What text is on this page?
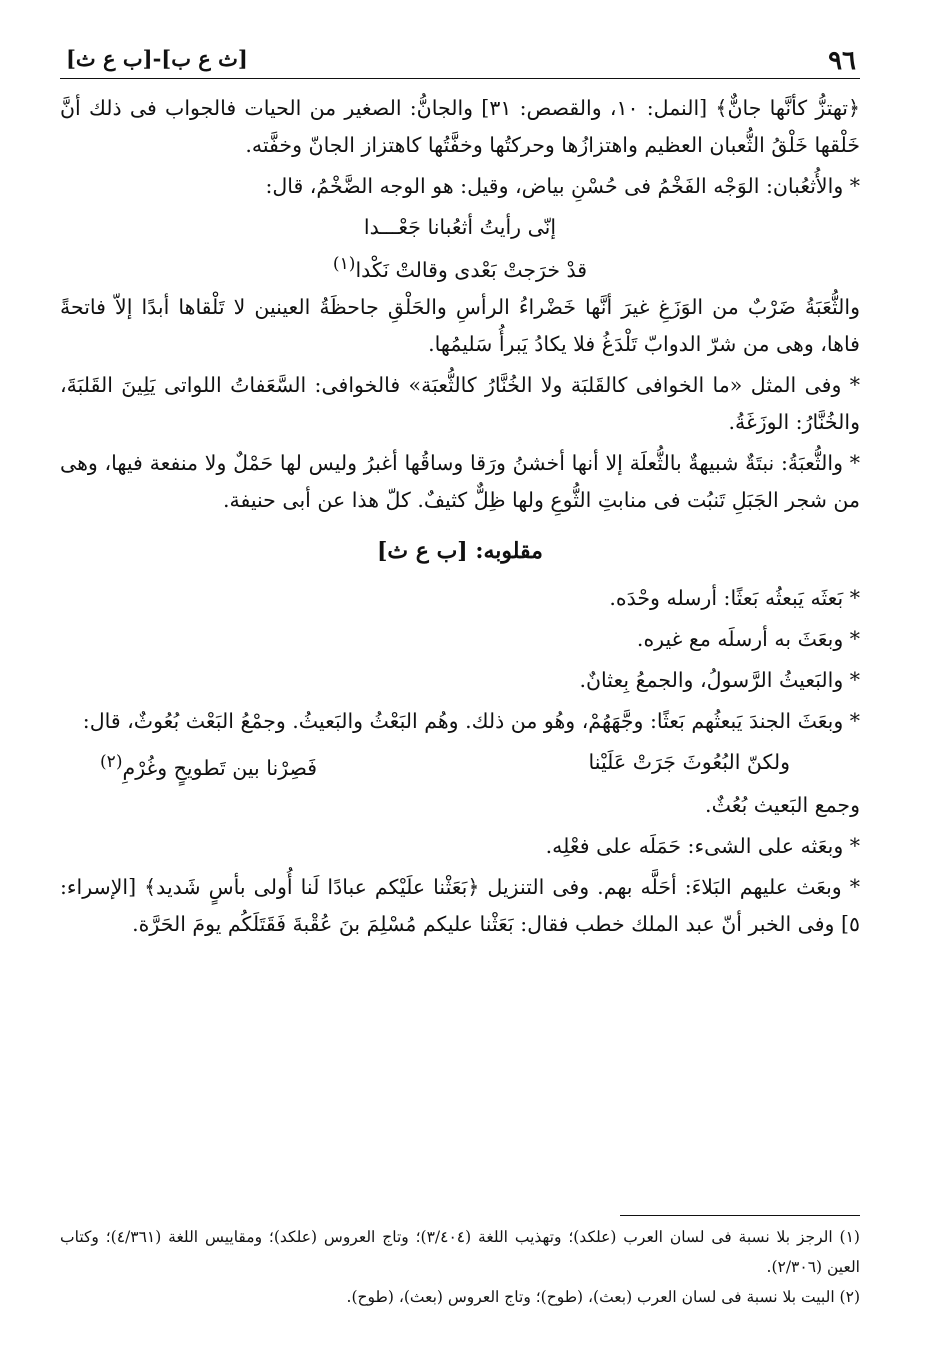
٩٦
[ث ع ب]-[ب ع ث]

﴿تهتزُّ كأنَّها جانٌّ﴾ [النمل: ١٠، والقصص: ٣١] والجانُّ: الصغير من الحيات فالجواب فى ذلك أنَّ خَلْقها خَلْقُ الثُّعبان العظيم واهتزازُها وحركتُها وخفَّتُها كاهتزاز الجانّ وخفَّته.

* والأُثعُبان: الوَجْه الفَخْمُ فى حُسْنِ بياض، وقيل: هو الوجه الضَّخْمُ، قال:

إنّى رأيتُ أثعُبانا جَعْـــدا

قدْ خرَجتْ بَعْدى وقالتْ نَكْدا$^{(١)}$

والثُّعَبَةُ ضَرْبٌ من الوَزَغِ غيرَ أنَّها خَضْراءُ الرأسِ والحَلْقِ جاحظَةُ العينين لا تَلْقاها أبدًا إلاّ فاتحةً فاها، وهى من شرّ الدوابّ تَلْدَغُ فلا يكادُ يَبرأُ سَليمُها.

* وفى المثل «ما الخوافى كالقَلبَة ولا الخُنَّارُ كالثُّعبَة» فالخوافى: السَّعَفاتُ اللواتى يَلِينَ القَلبَةَ، والخُنَّارُ: الوزَغَةُ.

* والثُّعبَةُ: نبتَةٌ شبيهةٌ بالثُّعلَة إلا أنها أخشنُ ورَقا وساقُها أغبرُ وليس لها حَمْلٌ ولا منفعة فيها، وهى من شجر الجَبَلِ تَنبُت فى منابتِ الثُّوعِ ولها ظِلٌّ كثيفٌ. كلّ هذا عن أبى حنيفة.

مقلوبه: [ب ع ث]

* بَعثَه يَبعثُه بَعثًا: أرسله وحْدَه.

* وبعَثَ به أرسلَه مع غيره.

* والبَعيثُ الرَّسولُ، والجمعُ بِعثانٌ.

* وبعَثَ الجندَ يَبعثُهم بَعثًا: وجَّهَهُمْ، وهُو من ذلك. وهُم البَعْثُ والبَعيثُ. وجمْعُ البَعْث بُعُوثٌ، قال:

ولكنّ البُعُوثَ جَرَتْ عَلَيْنا
فَصِرْنا بين تَطويحٍ وغُرْمِ$^{(٢)}$

وجمع البَعيث بُعُثٌ.

* وبعَثه على الشىء: حَمَلَه على فعْلِه.

* وبعَث عليهم البَلاءَ: أحَلَّه بهم. وفى التنزيل ﴿بَعَثْنا علَيْكم عبادًا لَنا أُولى بأسٍ شَديد﴾ [الإسراء: ٥] وفى الخبر أنّ عبد الملك خطب فقال: بَعَثْنا عليكم مُسْلِمَ بنَ عُقْبةَ فَقَتَلَكُم يومَ الحَرَّة.

(١) الرجز بلا نسبة فى لسان العرب (علكد)؛ وتهذيب اللغة (٣/٤٠٤)؛ وتاج العروس (علكد)؛ ومقاييس اللغة (٤/٣٦١)؛ وكتاب العين (٢/٣٠٦).

(٢) البيت بلا نسبة فى لسان العرب (بعث)، (طوح)؛ وتاج العروس (بعث)، (طوح).
